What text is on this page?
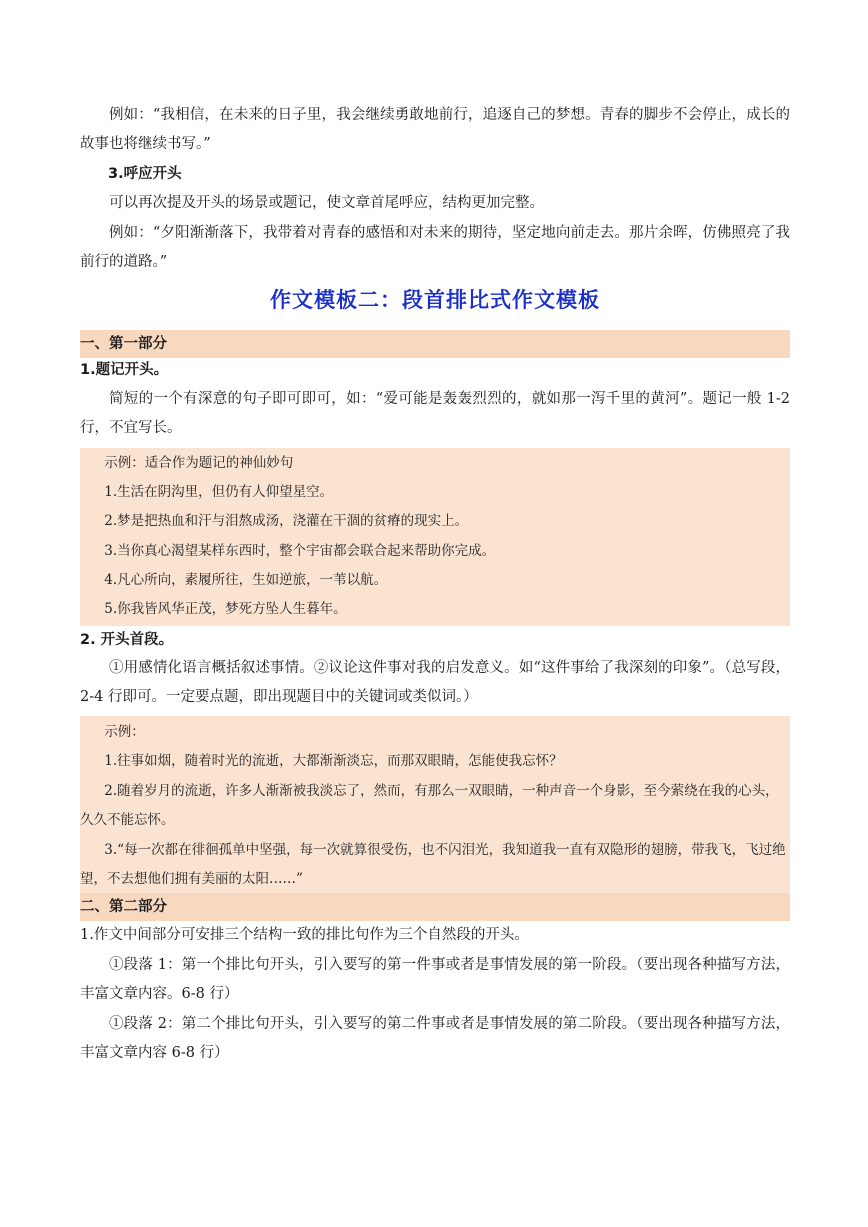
例如：“我相信，在未来的日子里，我会继续勇敢地前行，追逐自己的梦想。青春的脚步不会停止，成长的故事也将继续书写。”

3.呼应开头

可以再次提及开头的场景或题记，使文章首尾呼应，结构更加完整。

例如：“夕阳渐渐落下，我带着对青春的感悟和对未来的期待，坚定地向前走去。那片余晖，仿佛照亮了我前行的道路。”

作文模板二：段首排比式作文模板
一、第一部分
1.题记开头。

简短的一个有深意的句子即可即可，如：“爱可能是轰轰烈烈的，就如那一泻千里的黄河”。题记一般 1-2 行，不宜写长。

示例：适合作为题记的神仙妙句
1.生活在阴沟里，但仍有人仰望星空。
2.梦是把热血和汗与泪熬成汤，浇灌在干涸的贫瘠的现实上。
3.当你真心渴望某样东西时，整个宇宙都会联合起来帮助你完成。
4.凡心所向，素履所往，生如逆旅，一苇以航。
5.你我皆风华正茂，梦死方坠人生暮年。
2. 开头首段。

①用感情化语言概括叙述事情。②议论这件事对我的启发意义。如“这件事给了我深刻的印象”。（总写段，2-4 行即可。一定要点题，即出现题目中的关键词或类似词。）

示例：
1.往事如烟，随着时光的流逝，大都渐渐淡忘，而那双眼睛，怎能使我忘怀？
2.随着岁月的流逝，许多人渐渐被我淡忘了，然而，有那么一双眼睛，一种声音一个身影，至今萦绕在我的心头，久久不能忘怀。
3.“每一次都在徘徊孤单中坚强，每一次就算很受伤，也不闪泪光，我知道我一直有双隐形的翅膀，带我飞，飞过绝望，不去想他们拥有美丽的太阳……”
二、第二部分

1.作文中间部分可安排三个结构一致的排比句作为三个自然段的开头。

①段落 1：第一个排比句开头，引入要写的第一件事或者是事情发展的第一阶段。（要出现各种描写方法，丰富文章内容。6-8 行）

①段落 2：第二个排比句开头，引入要写的第二件事或者是事情发展的第二阶段。（要出现各种描写方法，丰富文章内容 6-8 行）
